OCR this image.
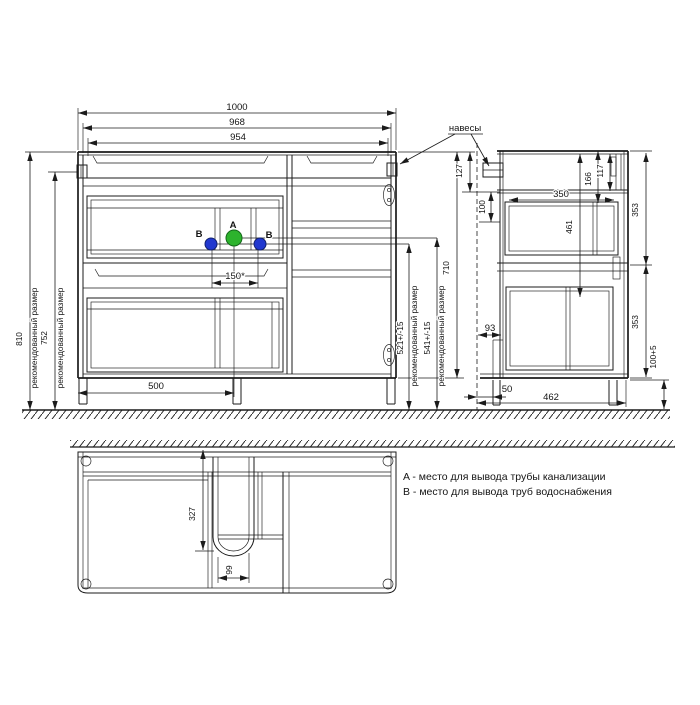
B
A
B
1000
968
954
810 рекомендованный размер 752 рекомендованный размер
710
127
521+/-15 рекомендованный размер 541+/-15 рекомендованный размер
500
150*
навесы
100
166
117
350
461
353
353
93
100+5
50
462
327
99
A - место для вывода трубы канализации
B - место для вывода труб водоснабжения
